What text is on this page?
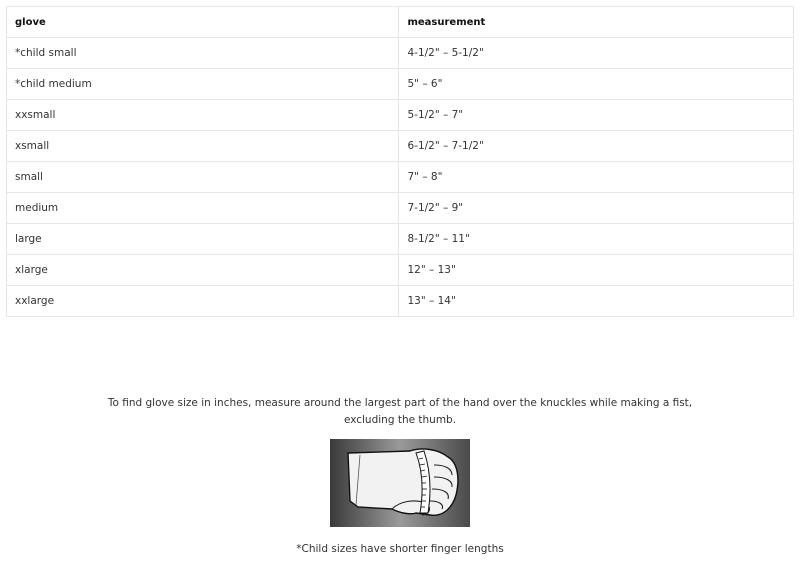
glove	measurement
*child small	4-1/2" – 5-1/2"
*child medium	5" – 6"
xxsmall	5-1/2" – 7"
xsmall	6-1/2" – 7-1/2"
small	7" – 8"
medium	7-1/2" – 9"
large	8-1/2" – 11"
xlarge	12" – 13"
xxlarge	13" – 14"
To find glove size in inches, measure around the largest part of the hand over the knuckles while making a fist,
excluding the thumb.
*Child sizes have shorter finger lengths
